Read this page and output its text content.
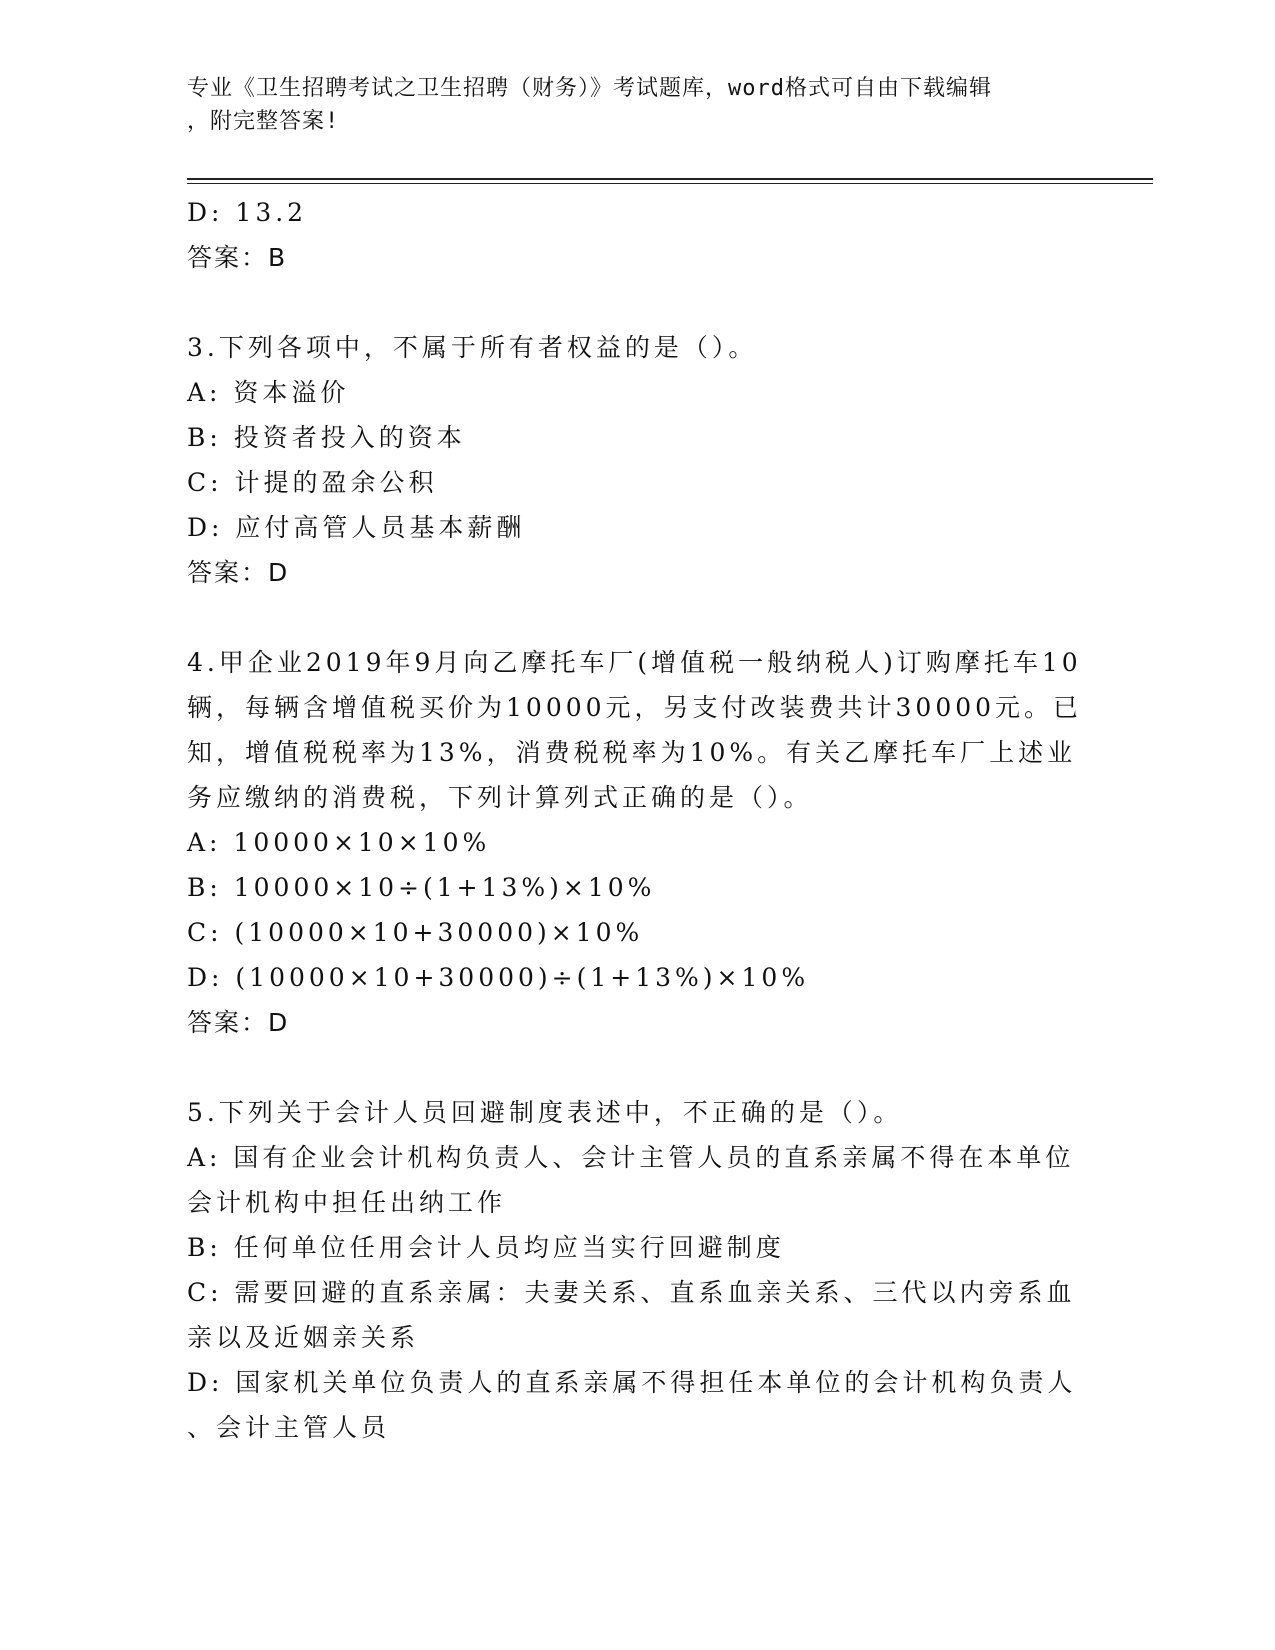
专业《卫生招聘考试之卫生招聘（财务）》考试题库，word格式可自由下载编辑
，附完整答案!
D: 13.2
答案：B
3.下列各项中，不属于所有者权益的是（）。
A: 资本溢价
B: 投资者投入的资本
C: 计提的盈余公积
D: 应付高管人员基本薪酬
答案：D
4.甲企业2019年9月向乙摩托车厂(增值税一般纳税人)订购摩托车10
辆，每辆含增值税买价为10000元，另支付改装费共计30000元。已
知，增值税税率为13%，消费税税率为10%。有关乙摩托车厂上述业
务应缴纳的消费税，下列计算列式正确的是（）。
A: 10000×10×10%
B: 10000×10÷(1+13%)×10%
C: (10000×10+30000)×10%
D: (10000×10+30000)÷(1+13%)×10%
答案：D
5.下列关于会计人员回避制度表述中，不正确的是（）。
A: 国有企业会计机构负责人、会计主管人员的直系亲属不得在本单位
会计机构中担任出纳工作
B: 任何单位任用会计人员均应当实行回避制度
C: 需要回避的直系亲属：夫妻关系、直系血亲关系、三代以内旁系血
亲以及近姻亲关系
D: 国家机关单位负责人的直系亲属不得担任本单位的会计机构负责人
、会计主管人员
